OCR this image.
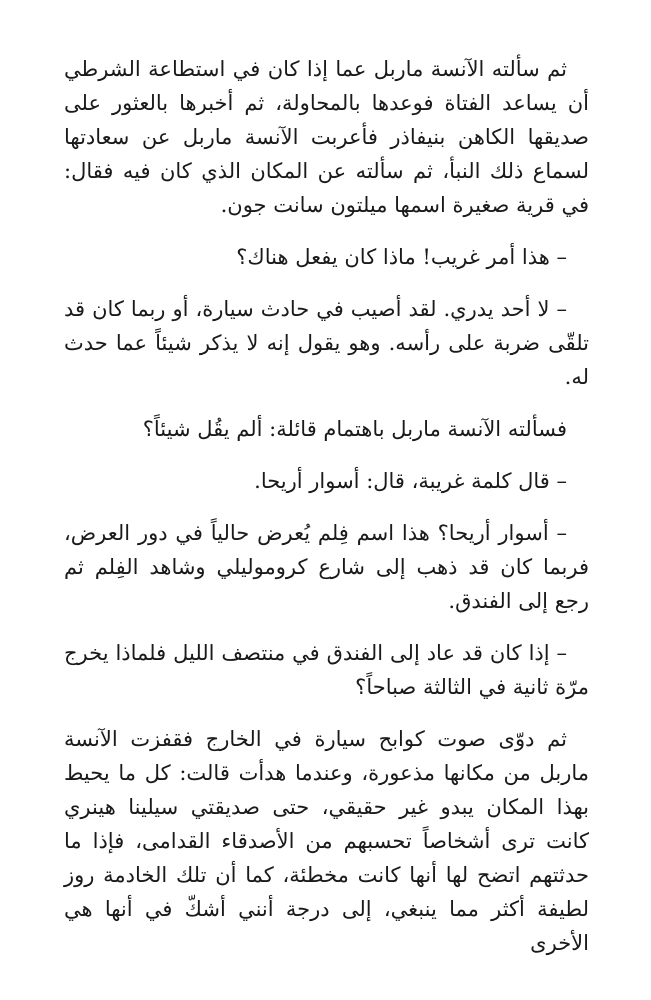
ثم سألته الآنسة ماربل عما إذا كان في استطاعة الشرطي أن يساعد الفتاة فوعدها بالمحاولة، ثم أخبرها بالعثور على صديقها الكاهن بنيفاذر فأعربت الآنسة ماربل عن سعادتها لسماع ذلك النبأ، ثم سألته عن المكان الذي كان فيه فقال: في قرية صغيرة اسمها ميلتون سانت جون.

– هذا أمر غريب! ماذا كان يفعل هناك؟

– لا أحد يدري. لقد أصيب في حادث سيارة، أو ربما كان قد تلقّى ضربة على رأسه. وهو يقول إنه لا يذكر شيئاً عما حدث له.

فسألته الآنسة ماربل باهتمام قائلة: ألم يقُل شيئاً؟

– قال كلمة غريبة، قال: أسوار أريحا.

– أسوار أريحا؟ هذا اسم فِلم يُعرض حالياً في دور العرض، فربما كان قد ذهب إلى شارع كروموليلي وشاهد الفِلم ثم رجع إلى الفندق.

– إذا كان قد عاد إلى الفندق في منتصف الليل فلماذا يخرج مرّة ثانية في الثالثة صباحاً؟

ثم دوّى صوت كوابح سيارة في الخارج فقفزت الآنسة ماربل من مكانها مذعورة، وعندما هدأت قالت: كل ما يحيط بهذا المكان يبدو غير حقيقي، حتى صديقتي سيلينا هينري كانت ترى أشخاصاً تحسبهم من الأصدقاء القدامى، فإذا ما حدثتهم اتضح لها أنها كانت مخطئة، كما أن تلك الخادمة روز لطيفة أكثر مما ينبغي، إلى درجة أنني أشكّ في أنها هي الأخرى
